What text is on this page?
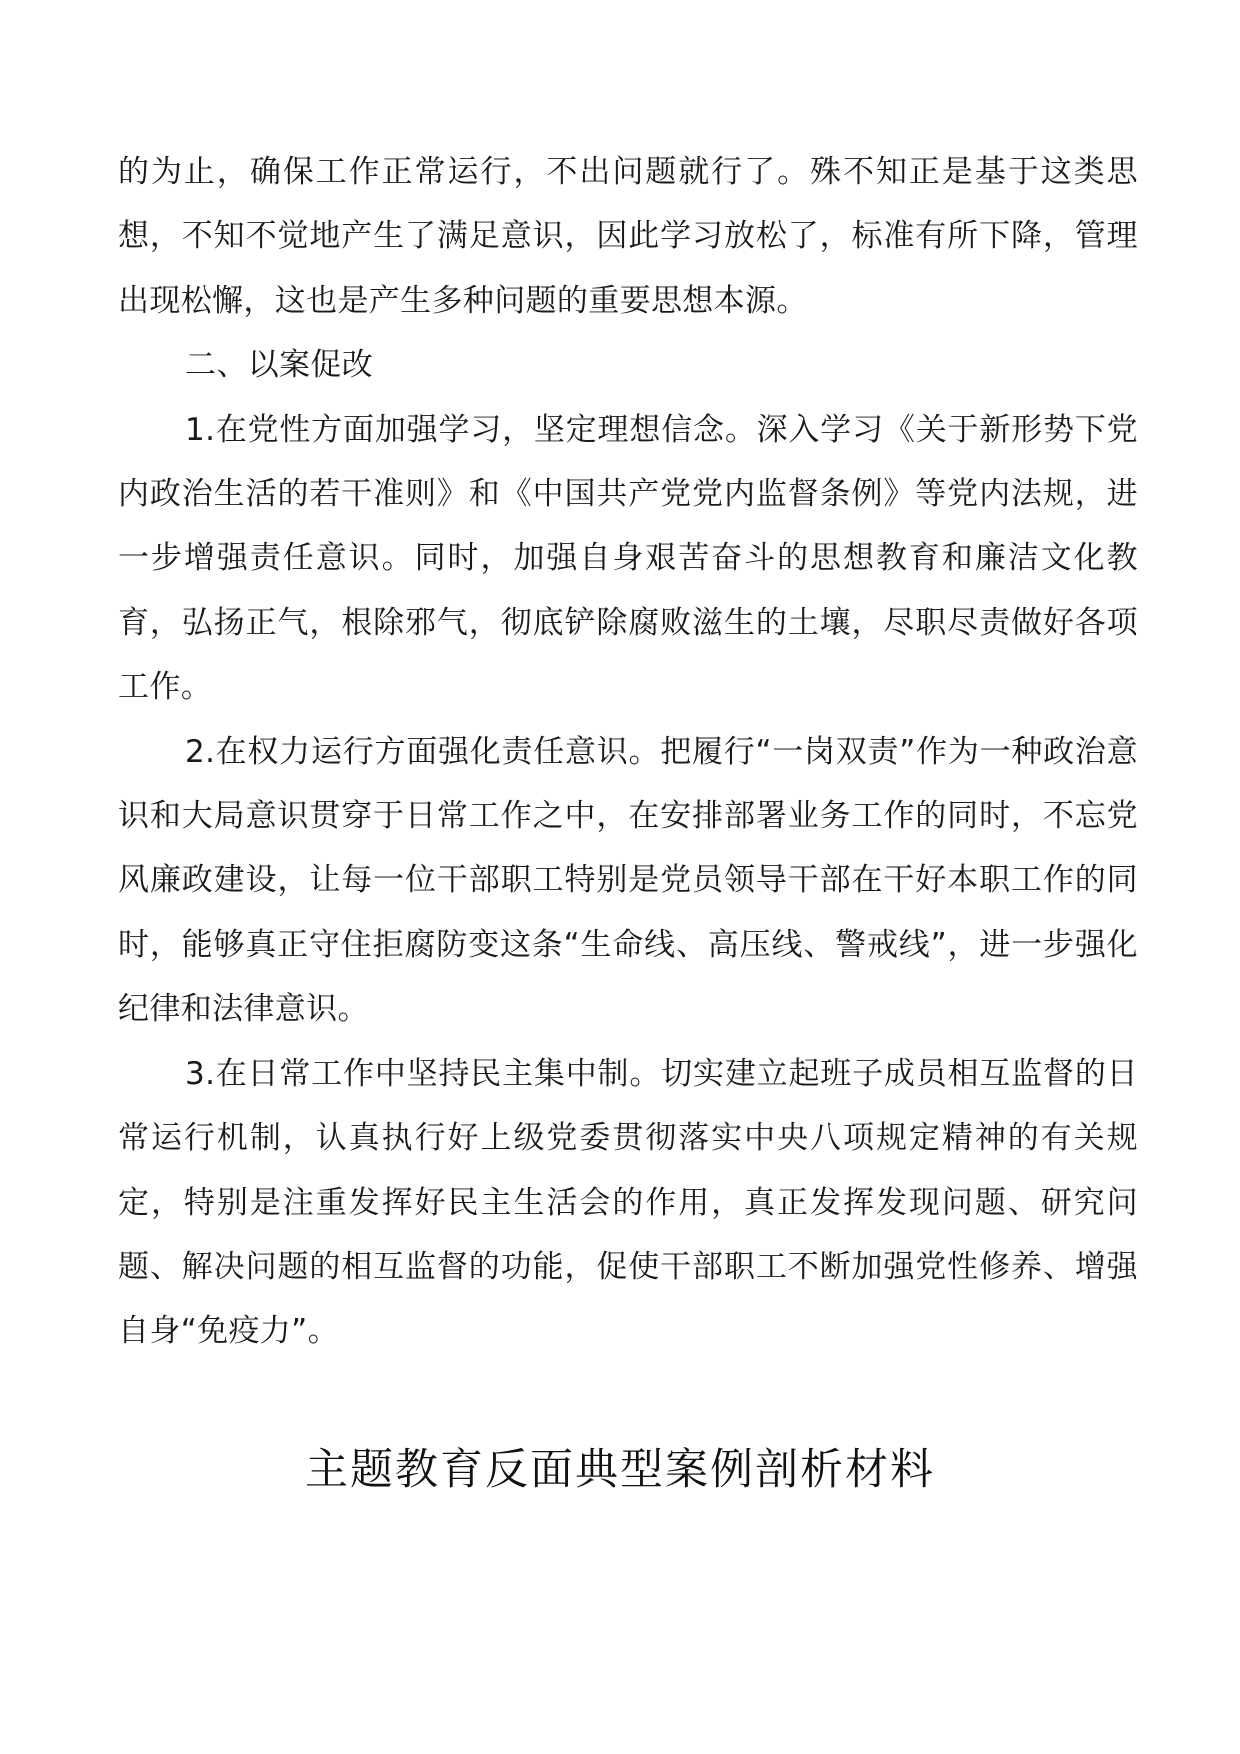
的为止，确保工作正常运行，不出问题就行了。殊不知正是基于这类思想，不知不觉地产生了满足意识，因此学习放松了，标准有所下降，管理出现松懈，这也是产生多种问题的重要思想本源。

二、以案促改

1.在党性方面加强学习，坚定理想信念。深入学习《关于新形势下党内政治生活的若干准则》和《中国共产党党内监督条例》等党内法规，进一步增强责任意识。同时，加强自身艰苦奋斗的思想教育和廉洁文化教育，弘扬正气，根除邪气，彻底铲除腐败滋生的土壤，尽职尽责做好各项工作。

2.在权力运行方面强化责任意识。把履行“一岗双责”作为一种政治意识和大局意识贯穿于日常工作之中，在安排部署业务工作的同时，不忘党风廉政建设，让每一位干部职工特别是党员领导干部在干好本职工作的同时，能够真正守住拒腐防变这条“生命线、高压线、警戒线”，进一步强化纪律和法律意识。

3.在日常工作中坚持民主集中制。切实建立起班子成员相互监督的日常运行机制，认真执行好上级党委贯彻落实中央八项规定精神的有关规定，特别是注重发挥好民主生活会的作用，真正发挥发现问题、研究问题、解决问题的相互监督的功能，促使干部职工不断加强党性修养、增强自身“免疫力”。

主题教育反面典型案例剖析材料
